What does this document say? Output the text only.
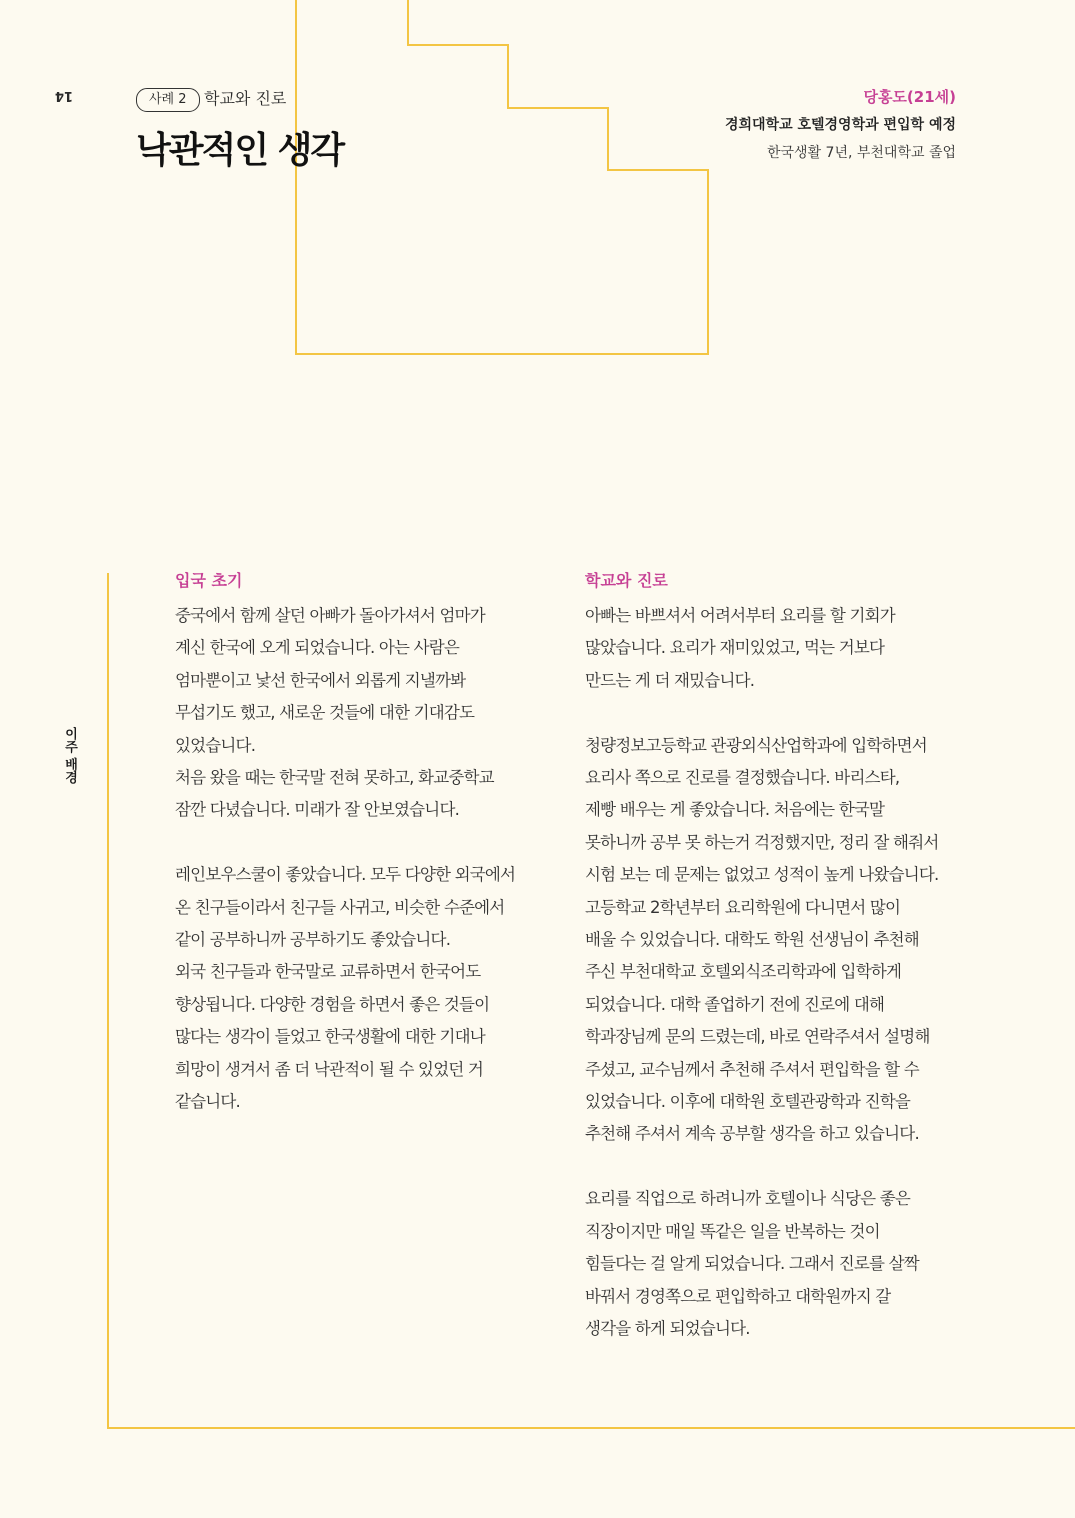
14
이주 배경
사례 2	학교와 진로
낙관적인 생각
당홍도(21세)
경희대학교 호텔경영학과 편입학 예정
한국생활 7년, 부천대학교 졸업
입국 초기

중국에서 함께 살던 아빠가 돌아가셔서 엄마가
계신 한국에 오게 되었습니다. 아는 사람은
엄마뿐이고 낯선 한국에서 외롭게 지낼까봐
무섭기도 했고, 새로운 것들에 대한 기대감도
있었습니다.
처음 왔을 때는 한국말 전혀 못하고, 화교중학교
잠깐 다녔습니다. 미래가 잘 안보였습니다.

레인보우스쿨이 좋았습니다. 모두 다양한 외국에서
온 친구들이라서 친구들 사귀고, 비슷한 수준에서
같이 공부하니까 공부하기도 좋았습니다.
외국 친구들과 한국말로 교류하면서 한국어도
향상됩니다. 다양한 경험을 하면서 좋은 것들이
많다는 생각이 들었고 한국생활에 대한 기대나
희망이 생겨서 좀 더 낙관적이 될 수 있었던 거
같습니다.

학교와 진로

아빠는 바쁘셔서 어려서부터 요리를 할 기회가
많았습니다. 요리가 재미있었고, 먹는 거보다
만드는 게 더 재밌습니다.

청량정보고등학교 관광외식산업학과에 입학하면서
요리사 쪽으로 진로를 결정했습니다. 바리스타,
제빵 배우는 게 좋았습니다. 처음에는 한국말
못하니까 공부 못 하는거 걱정했지만, 정리 잘 해줘서
시험 보는 데 문제는 없었고 성적이 높게 나왔습니다.
고등학교 2학년부터 요리학원에 다니면서 많이
배울 수 있었습니다. 대학도 학원 선생님이 추천해
주신 부천대학교 호텔외식조리학과에 입학하게
되었습니다. 대학 졸업하기 전에 진로에 대해
학과장님께 문의 드렸는데, 바로 연락주셔서 설명해
주셨고, 교수님께서 추천해 주셔서 편입학을 할 수
있었습니다. 이후에 대학원 호텔관광학과 진학을
추천해 주셔서 계속 공부할 생각을 하고 있습니다.

요리를 직업으로 하려니까 호텔이나 식당은 좋은
직장이지만 매일 똑같은 일을 반복하는 것이
힘들다는 걸 알게 되었습니다. 그래서 진로를 살짝
바꿔서 경영쪽으로 편입학하고 대학원까지 갈
생각을 하게 되었습니다.
